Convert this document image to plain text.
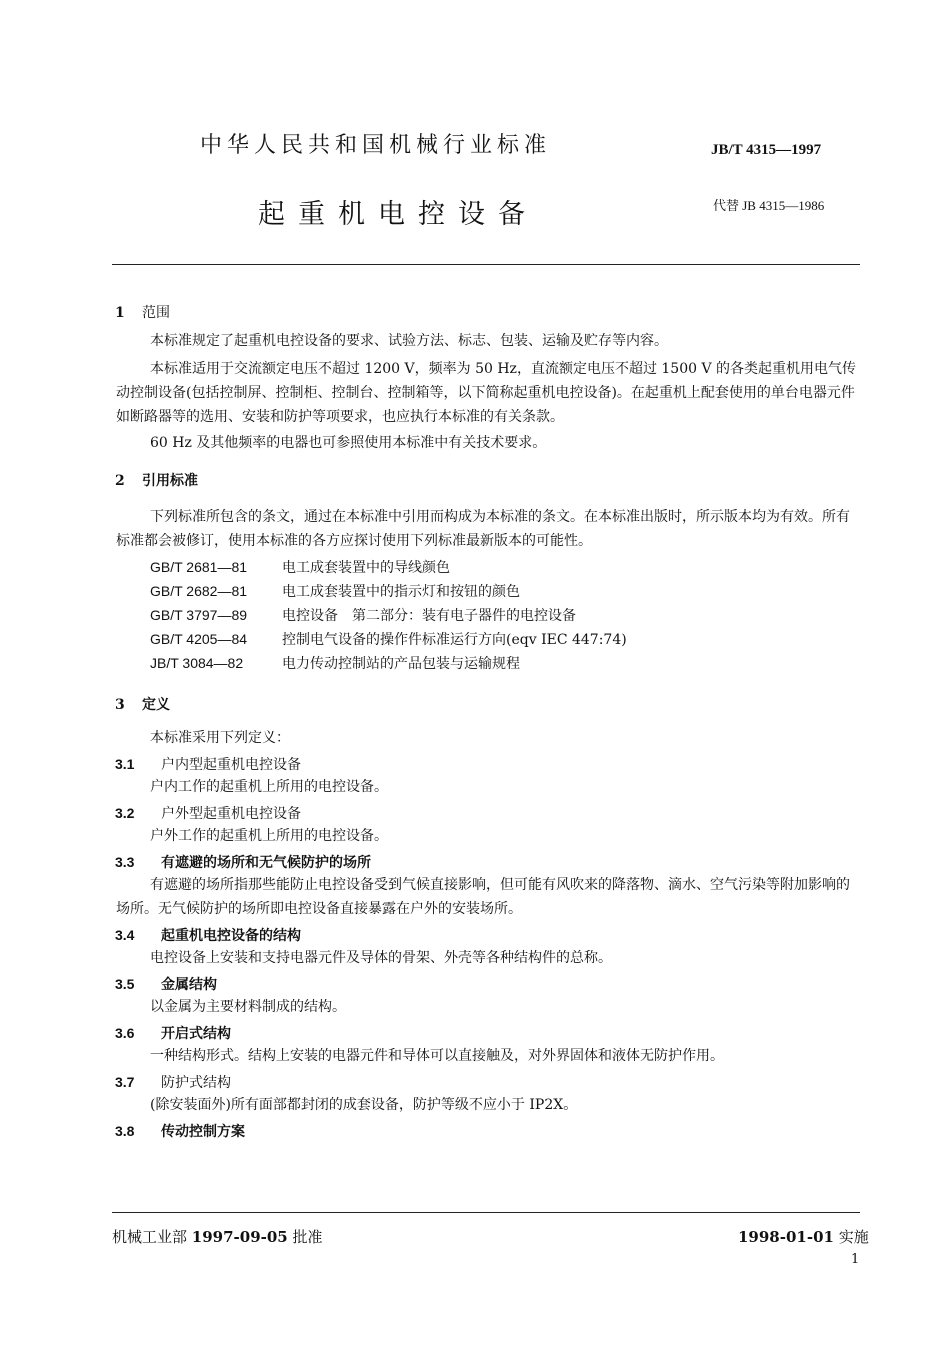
中华人民共和国机械行业标准	JB/T 4315—1997
起重机电控设备	代替 JB 4315—1986
1 范围
本标准规定了起重机电控设备的要求、试验方法、标志、包装、运输及贮存等内容。
本标准适用于交流额定电压不超过 1200 V，频率为 50 Hz，直流额定电压不超过 1500 V 的各类起重机用电气传动控制设备(包括控制屏、控制柜、控制台、控制箱等，以下简称起重机电控设备)。在起重机上配套使用的单台电器元件如断路器等的选用、安装和防护等项要求，也应执行本标准的有关条款。
60 Hz 及其他频率的电器也可参照使用本标准中有关技术要求。
2 引用标准
下列标准所包含的条文，通过在本标准中引用而构成为本标准的条文。在本标准出版时，所示版本均为有效。所有标准都会被修订，使用本标准的各方应探讨使用下列标准最新版本的可能性。
GB/T 2681—81 电工成套装置中的导线颜色
GB/T 2682—81 电工成套装置中的指示灯和按钮的颜色
GB/T 3797—89 电控设备　第二部分：装有电子器件的电控设备
GB/T 4205—84 控制电气设备的操作件标准运行方向(eqv IEC 447:74)
JB/T 3084—82	电力传动控制站的产品包装与运输规程
3 定义
本标准采用下列定义：
3.1 户内型起重机电控设备
户内工作的起重机上所用的电控设备。
3.2 户外型起重机电控设备
户外工作的起重机上所用的电控设备。
3.3 有遮避的场所和无气候防护的场所
有遮避的场所指那些能防止电控设备受到气候直接影响，但可能有风吹来的降落物、滴水、空气污染等附加影响的场所。无气候防护的场所即电控设备直接暴露在户外的安装场所。
3.4 起重机电控设备的结构
电控设备上安装和支持电器元件及导体的骨架、外壳等各种结构件的总称。
3.5 金属结构
以金属为主要材料制成的结构。
3.6 开启式结构
一种结构形式。结构上安装的电器元件和导体可以直接触及，对外界固体和液体无防护作用。
3.7 防护式结构
(除安装面外)所有面部都封闭的成套设备，防护等级不应小于 IP2X。
3.8 传动控制方案
机械工业部 1997-09-05 批准	1998-01-01 实施
1
